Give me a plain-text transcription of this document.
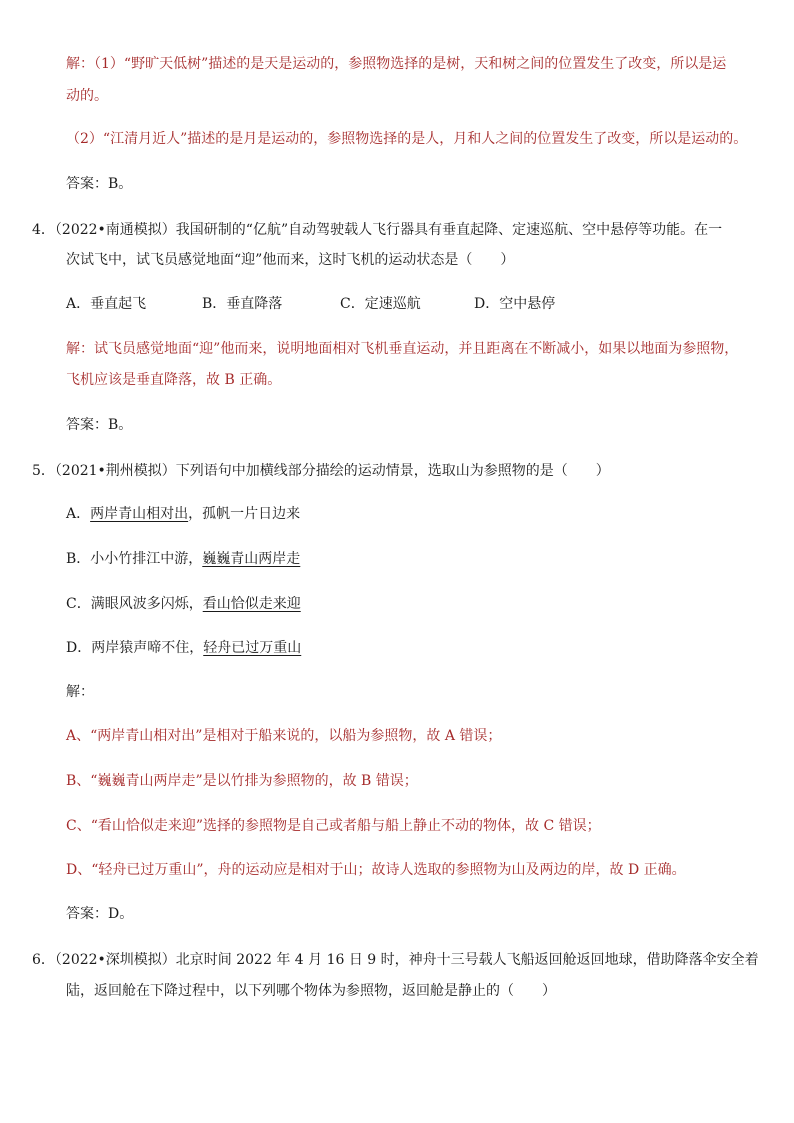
解：（1）“野旷天低树”描述的是天是运动的，参照物选择的是树，天和树之间的位置发生了改变，所以是运
动的。
（2）“江清月近人”描述的是月是运动的，参照物选择的是人，月和人之间的位置发生了改变，所以是运动的。
答案：B。
4．（2022•南通模拟）我国研制的“亿航”自动驾驶载人飞行器具有垂直起降、定速巡航、空中悬停等功能。在一
次试飞中，试飞员感觉地面“迎”他而来，这时飞机的运动状态是（　　）
A．垂直起飞	B．垂直降落	C．定速巡航	D．空中悬停
解：试飞员感觉地面“迎”他而来，说明地面相对飞机垂直运动，并且距离在不断减小，如果以地面为参照物，
飞机应该是垂直降落，故 B 正确。
答案：B。
5．（2021•荆州模拟）下列语句中加横线部分描绘的运动情景，选取山为参照物的是（　　）
A．两岸青山相对出，孤帆一片日边来
B．小小竹排江中游，巍巍青山两岸走
C．满眼风波多闪烁，看山恰似走来迎
D．两岸猿声啼不住，轻舟已过万重山
解：
A、“两岸青山相对出”是相对于船来说的，以船为参照物，故 A 错误；
B、“巍巍青山两岸走”是以竹排为参照物的，故 B 错误；
C、“看山恰似走来迎”选择的参照物是自己或者船与船上静止不动的物体，故 C 错误；
D、“轻舟已过万重山”，舟的运动应是相对于山；故诗人选取的参照物为山及两边的岸，故 D 正确。
答案：D。
6．（2022•深圳模拟）北京时间 2022 年 4 月 16 日 9 时，神舟十三号载人飞船返回舱返回地球，借助降落伞安全着
陆，返回舱在下降过程中，以下列哪个物体为参照物，返回舱是静止的（　　）
